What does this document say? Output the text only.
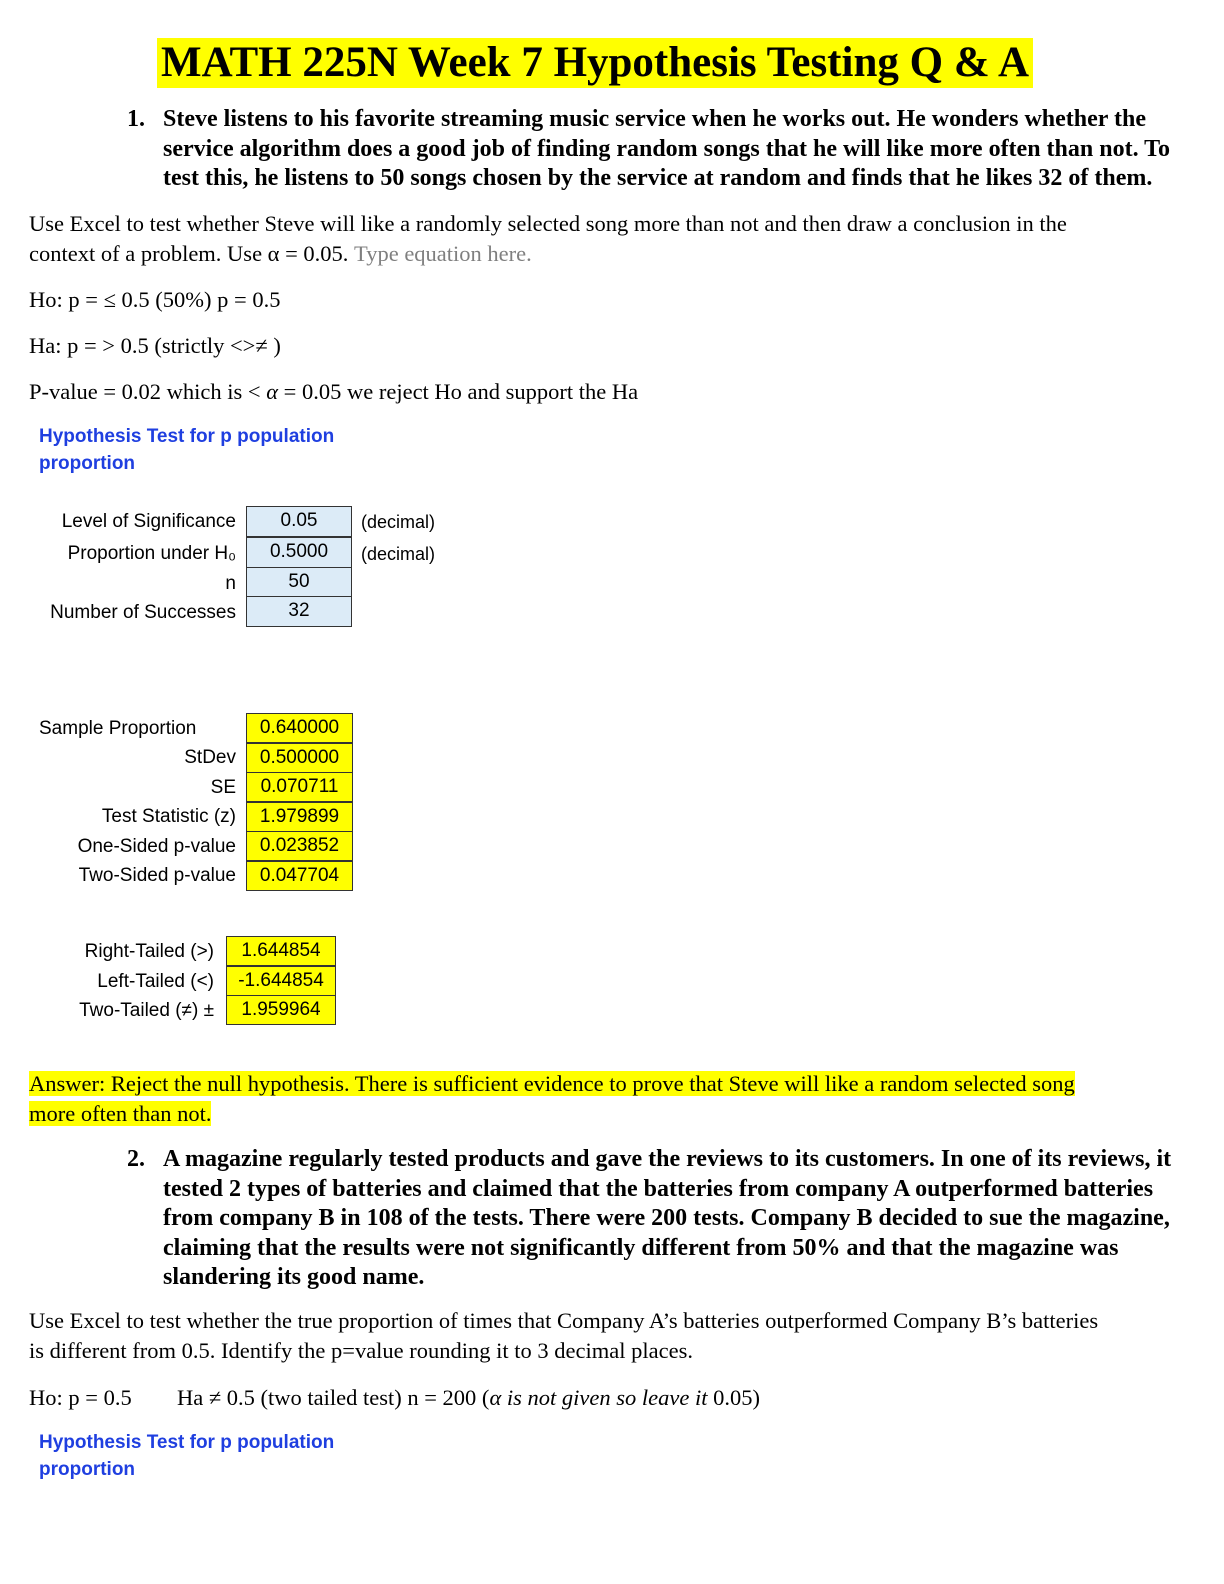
MATH 225N Week 7 Hypothesis Testing Q & A
1. Steve listens to his favorite streaming music service when he works out. He wonders whether the
service algorithm does a good job of finding random songs that he will like more often than not. To
test this, he listens to 50 songs chosen by the service at random and finds that he likes 32 of them.
Use Excel to test whether Steve will like a randomly selected song more than not and then draw a conclusion in the
context of a problem. Use α = 0.05. Type equation here.
Ho: p = ≤ 0.5 (50%) p = 0.5
Ha: p = > 0.5 (strictly <>≠ )
P-value = 0.02 which is < α = 0.05 we reject Ho and support the Ha
Hypothesis Test for p population
proportion
Level of Significance
Proportion under H₀
n
Number of Successes
0.05
0.5000
50
32
(decimal)
(decimal)
Sample Proportion
StDev
SE
Test Statistic (z)
One-Sided p-value
Two-Sided p-value
0.640000
0.500000
0.070711
1.979899
0.023852
0.047704
Right-Tailed (>)
Left-Tailed (<)
Two-Tailed (≠) ±
1.644854
-1.644854
1.959964
Answer: Reject the null hypothesis. There is sufficient evidence to prove that Steve will like a random selected song
more often than not.
2. A magazine regularly tested products and gave the reviews to its customers. In one of its reviews, it
tested 2 types of batteries and claimed that the batteries from company A outperformed batteries
from company B in 108 of the tests. There were 200 tests. Company B decided to sue the magazine,
claiming that the results were not significantly different from 50% and that the magazine was
slandering its good name.
Use Excel to test whether the true proportion of times that Company A’s batteries outperformed Company B’s batteries
is different from 0.5. Identify the p=value rounding it to 3 decimal places.
Ho: p = 0.5 Ha ≠ 0.5 (two tailed test) n = 200 (α is not given so leave it 0.05)
Hypothesis Test for p population
proportion
